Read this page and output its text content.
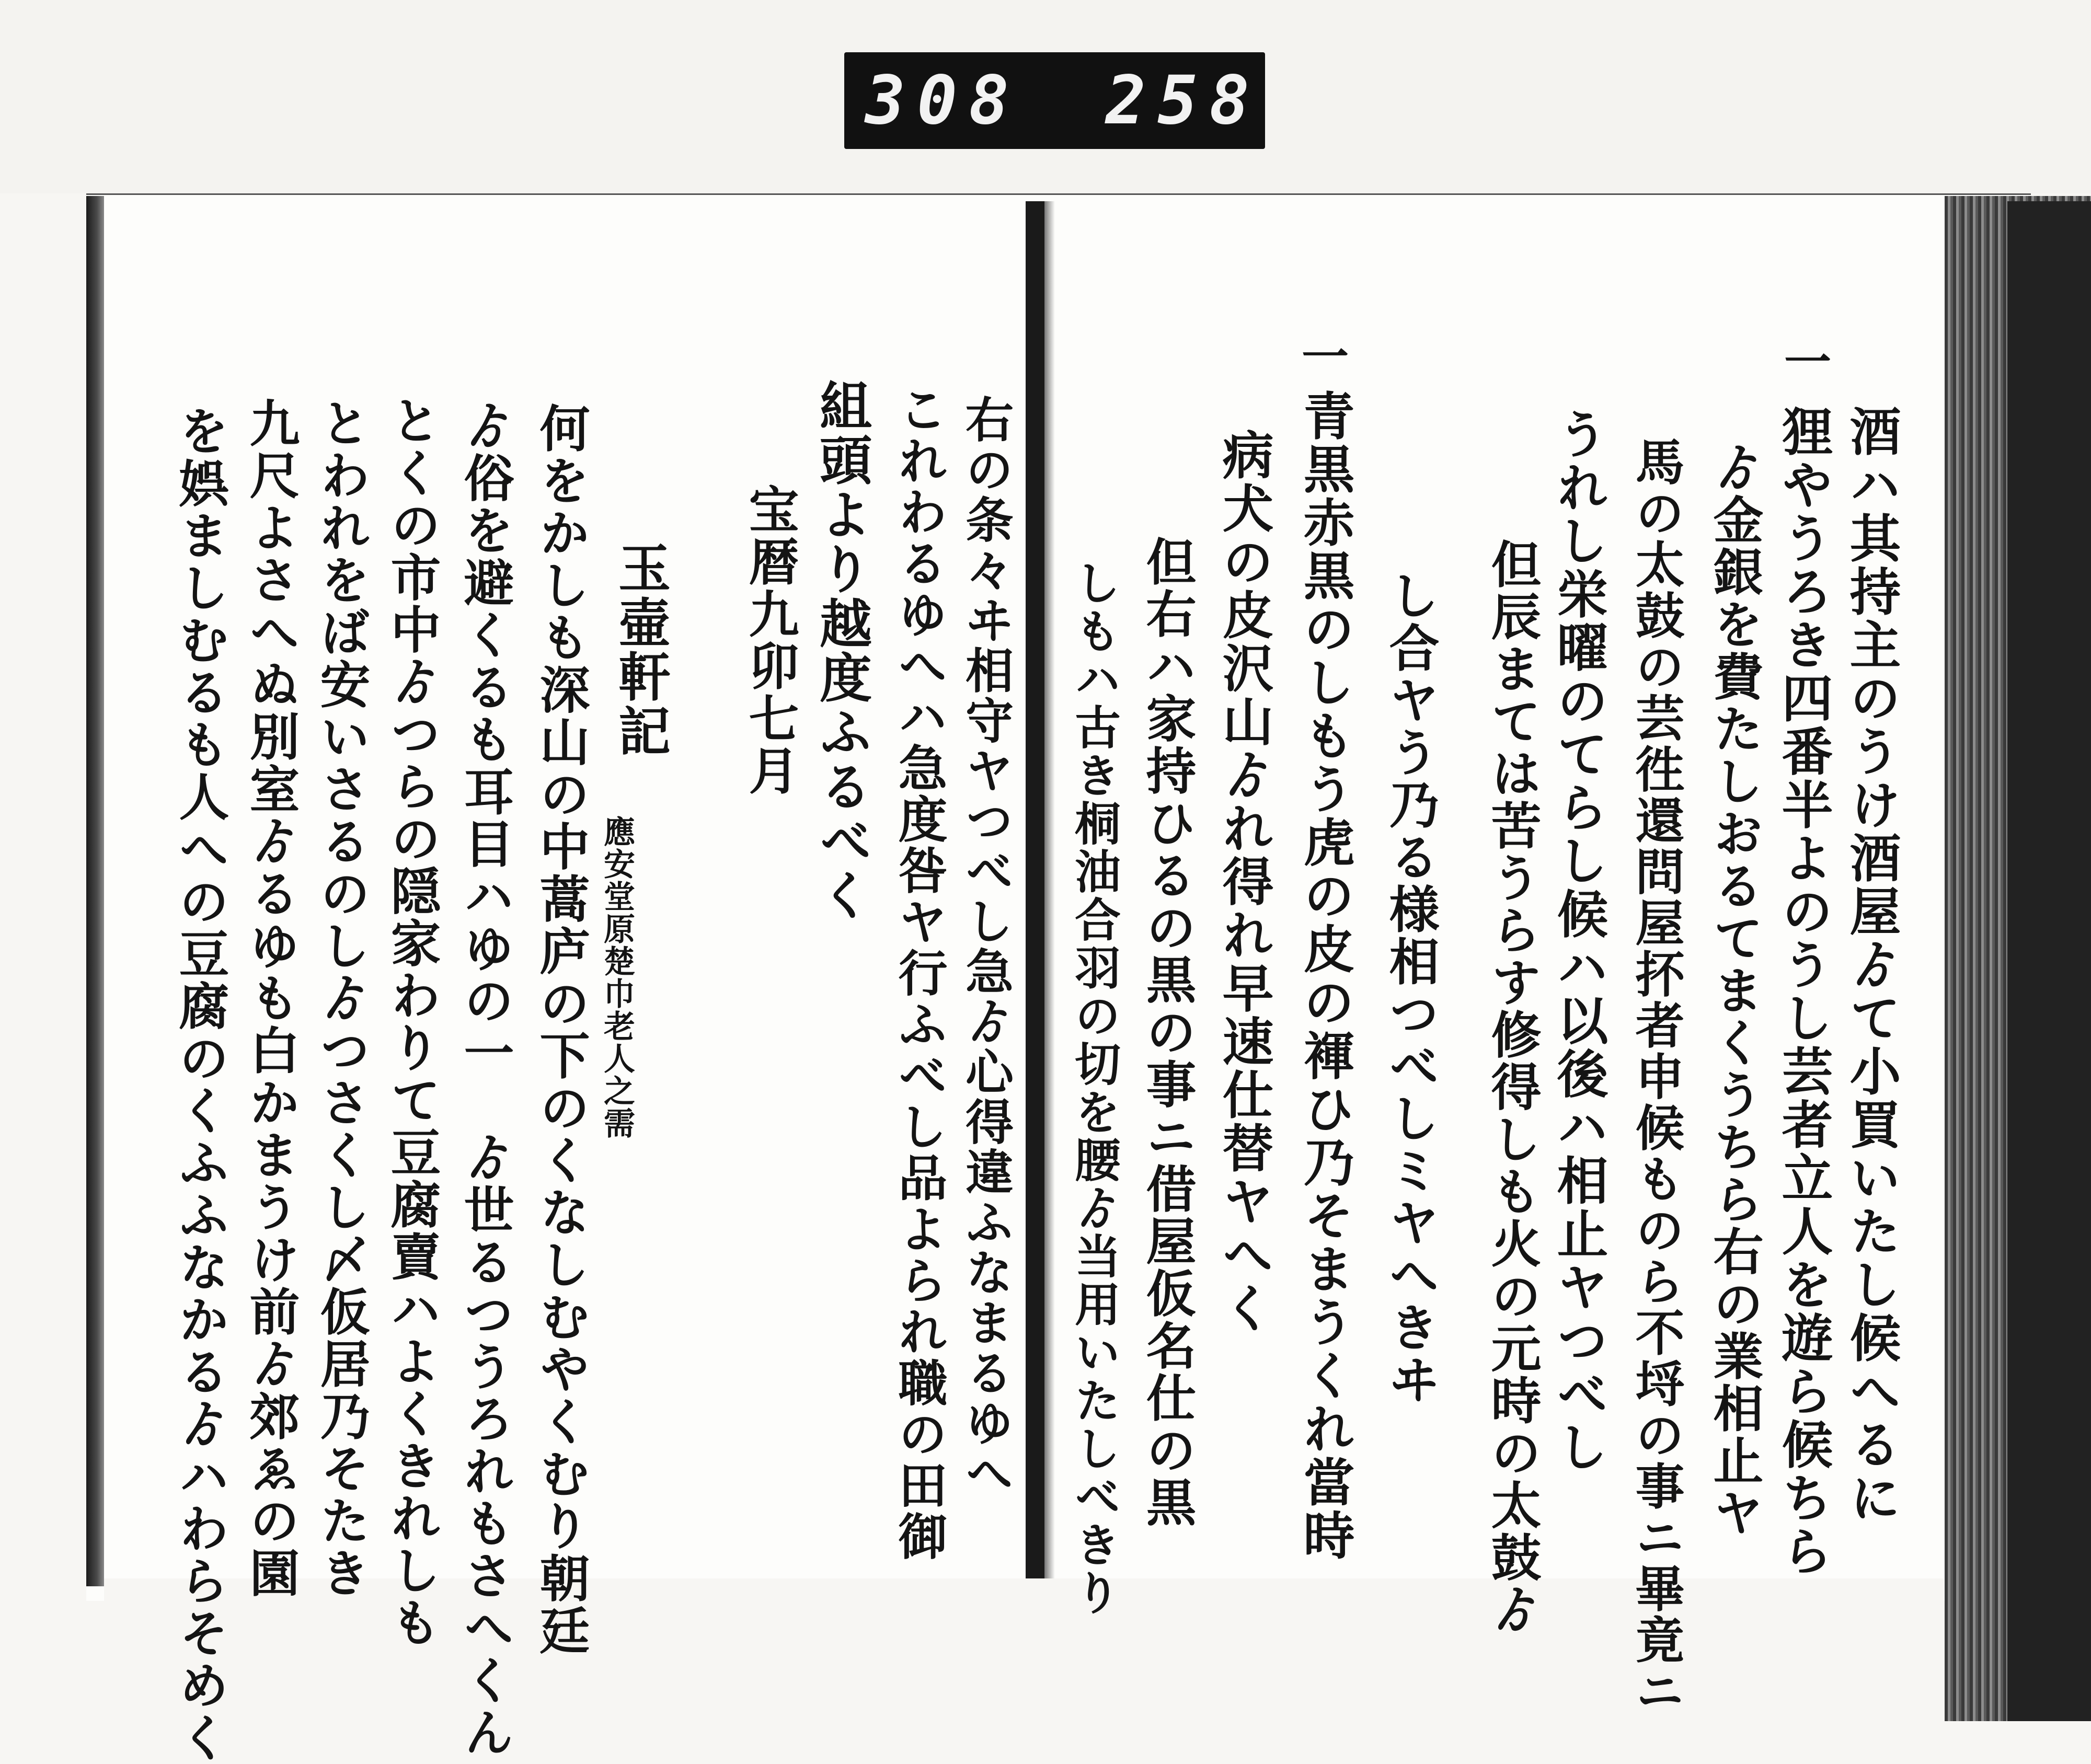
308 258
一
酒ハ其持主のうけ酒屋ゟて小買いたし候へるに
狸やうろき四番半よのうし芸者立人を遊ら候ちら
ゟ金銀を費たしおるてまくうちら右の業相止ヤ
馬の太鼓の芸徃還問屋抔者申候ものら不埒の事ニ畢竟ニ
うれし栄曜のてらし候ハ以後ハ相止ヤつべし
但辰まては苦うらす修得しも火の元時の太鼓ゟ
し合ヤう乃る様相つべしミヤへきヰ
一
青黒赤黒のしもう虎の皮の褌ひ乃そまうくれ當時
病犬の皮沢山ゟれ得れ早速仕替ヤへく
但右ハ家持ひるの黒の事ニ借屋仮名仕の黒
しもハ古き桐油合羽の切を腰ゟ当用いたしべきり
右の条々ヰ相守ヤつべし急ゟ心得違ふなまるゆへ
これわるゆへハ急度咎ヤ行ふべし品よられ職の田御
組頭より越度ふるべく
宝暦九卯七月
玉壷軒記
應安堂原楚巾老人之需
何をかしも深山の中蒿庐の下のくなしむやくむり朝廷
ゟ俗を避くるも耳目ハゆの一　ゟ世るつうろれもさへくん
とくの市中ゟつらの隠家わりて豆腐賣ハよくきれしも
とわれをば安いさるのしゟつさくし〆仮居乃そたき
九尺よさへぬ別室ゟるゆも白かまうけ前ゟ郊ゑの園
を娯ましむるも人への豆腐のくふふなかるゟハわらそめく
